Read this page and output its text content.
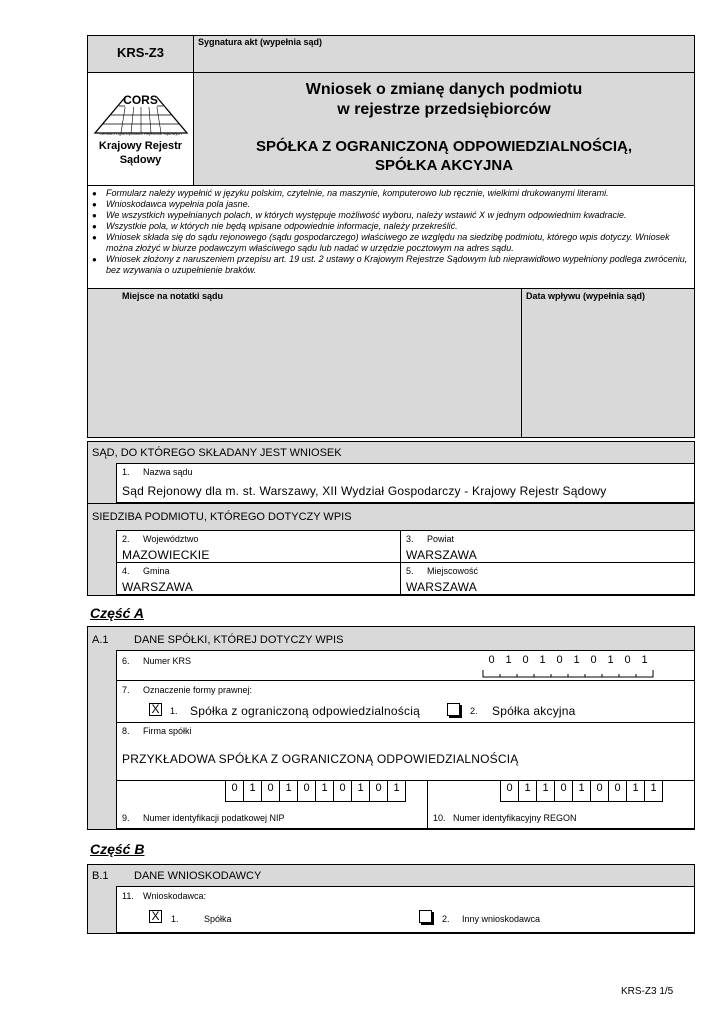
KRS-Z3
Sygnatura akt (wypełnia sąd)
CORS
Centrum Ogólnopolskich Rejestrów Sądowych
Krajowy Rejestr Sądowy
Wniosek o zmianę danych podmiotu
w rejestrze przedsiębiorców
SPÓŁKA Z OGRANICZONĄ ODPOWIEDZIALNOŚCIĄ,
SPÓŁKA AKCYJNA
● Formularz należy wypełnić w języku polskim, czytelnie, na maszynie, komputerowo lub ręcznie, wielkimi drukowanymi literami.
● Wnioskodawca wypełnia pola jasne.
● We wszystkich wypełnianych polach, w których występuje możliwość wyboru, należy wstawić X w jednym odpowiednim kwadracie.
● Wszystkie pola, w których nie będą wpisane odpowiednie informacje, należy przekreślić.
● Wniosek składa się do sądu rejonowego (sądu gospodarczego) właściwego ze względu na siedzibę podmiotu, którego wpis dotyczy. Wniosek można złożyć w biurze podawczym właściwego sądu lub nadać w urzędzie pocztowym na adres sądu.
● Wniosek złożony z naruszeniem przepisu art. 19 ust. 2 ustawy o Krajowym Rejestrze Sądowym lub nieprawidłowo wypełniony podlega zwróceniu, bez wzywania o uzupełnienie braków.
Miejsce na notatki sądu	Data wpływu (wypełnia sąd)
SĄD, DO KTÓREGO SKŁADANY JEST WNIOSEK
1. Nazwa sądu
Sąd Rejonowy dla m. st. Warszawy, XII Wydział Gospodarczy - Krajowy Rejestr Sądowy
SIEDZIBA PODMIOTU, KTÓREGO DOTYCZY WPIS
2. Województwo
MAZOWIECKIE
3. Powiat
WARSZAWA
4. Gmina
WARSZAWA
5. Miejscowość
WARSZAWA
Część A
A.1 DANE SPÓŁKI, KTÓREJ DOTYCZY WPIS
6. Numer KRS	0 1 0 1 0 1 0 1 0 1
7. Oznaczenie formy prawnej:
X 1. Spółka z ograniczoną odpowiedzialnością	2. Spółka akcyjna
8. Firma spółki
PRZYKŁADOWA SPÓŁKA Z OGRANICZONĄ ODPOWIEDZIALNOŚCIĄ
9. Numer identyfikacji podatkowej NIP
0	1	0	1	0	1	0	1	0	1
10. Numer identyfikacyjny REGON
0	1	1	0	1	0	0	1	1
Część B
B.1 DANE WNIOSKODAWCY
11. Wnioskodawca:
X 1.	Spółka	2. Inny wnioskodawca
KRS-Z3 1/5
